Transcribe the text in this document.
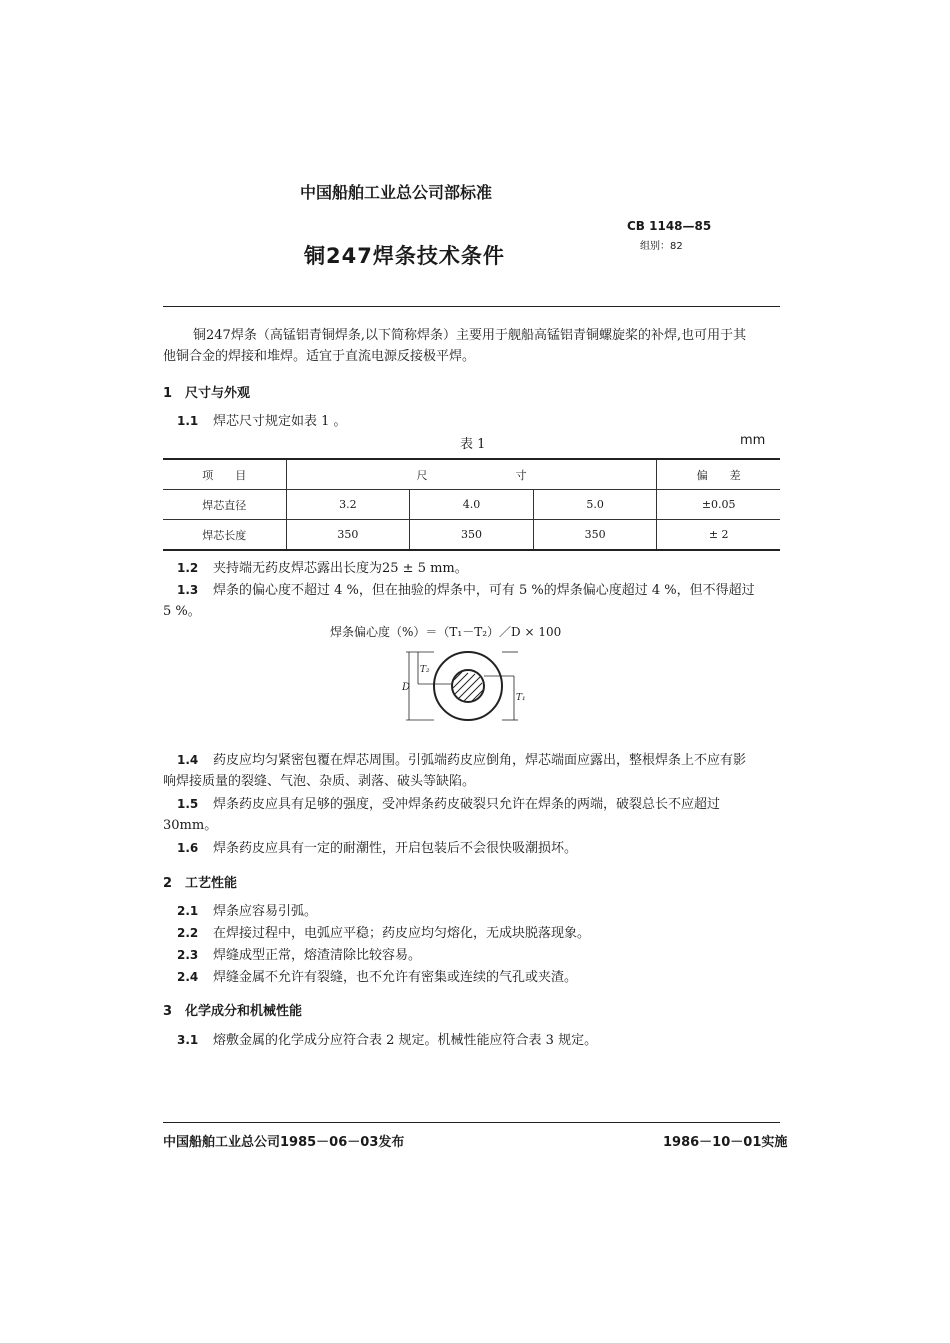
中国船舶工业总公司部标准
CB 1148—85
组别：82
铜247焊条技术条件
铜247焊条（高锰铝青铜焊条,以下简称焊条）主要用于舰船高锰铝青铜螺旋桨的补焊,也可用于其
他铜合金的焊接和堆焊。适宜于直流电源反接极平焊。
1　尺寸与外观
1.1 焊芯尺寸规定如表 1 。
表 1	mm
项　　目	尺　　　　　　　　寸			偏　　差
焊芯直径	3.2	4.0	5.0	±0.05
焊芯长度	350	350	350	± 2
1.2 夹持端无药皮焊芯露出长度为25 ± 5 mm。
1.3 焊条的偏心度不超过 4 %，但在抽验的焊条中，可有 5 %的焊条偏心度超过 4 %，但不得超过
5 %。
焊条偏心度（%）＝（T₁－T₂）／D × 100
D
T₂
T₁
1.4 药皮应均匀紧密包覆在焊芯周围。引弧端药皮应倒角，焊芯端面应露出，整根焊条上不应有影
响焊接质量的裂缝、气泡、杂质、剥落、破头等缺陷。
1.5 焊条药皮应具有足够的强度，受冲焊条药皮破裂只允许在焊条的两端，破裂总长不应超过
30mm。
1.6 焊条药皮应具有一定的耐潮性，开启包装后不会很快吸潮损坏。
2　工艺性能
2.1 焊条应容易引弧。
2.2 在焊接过程中，电弧应平稳；药皮应均匀熔化，无成块脱落现象。
2.3 焊缝成型正常，熔渣清除比较容易。
2.4 焊缝金属不允许有裂缝，也不允许有密集或连续的气孔或夹渣。
3　化学成分和机械性能
3.1 熔敷金属的化学成分应符合表 2 规定。机械性能应符合表 3 规定。
中国船舶工业总公司1985－06－03发布	1986－10－01实施
